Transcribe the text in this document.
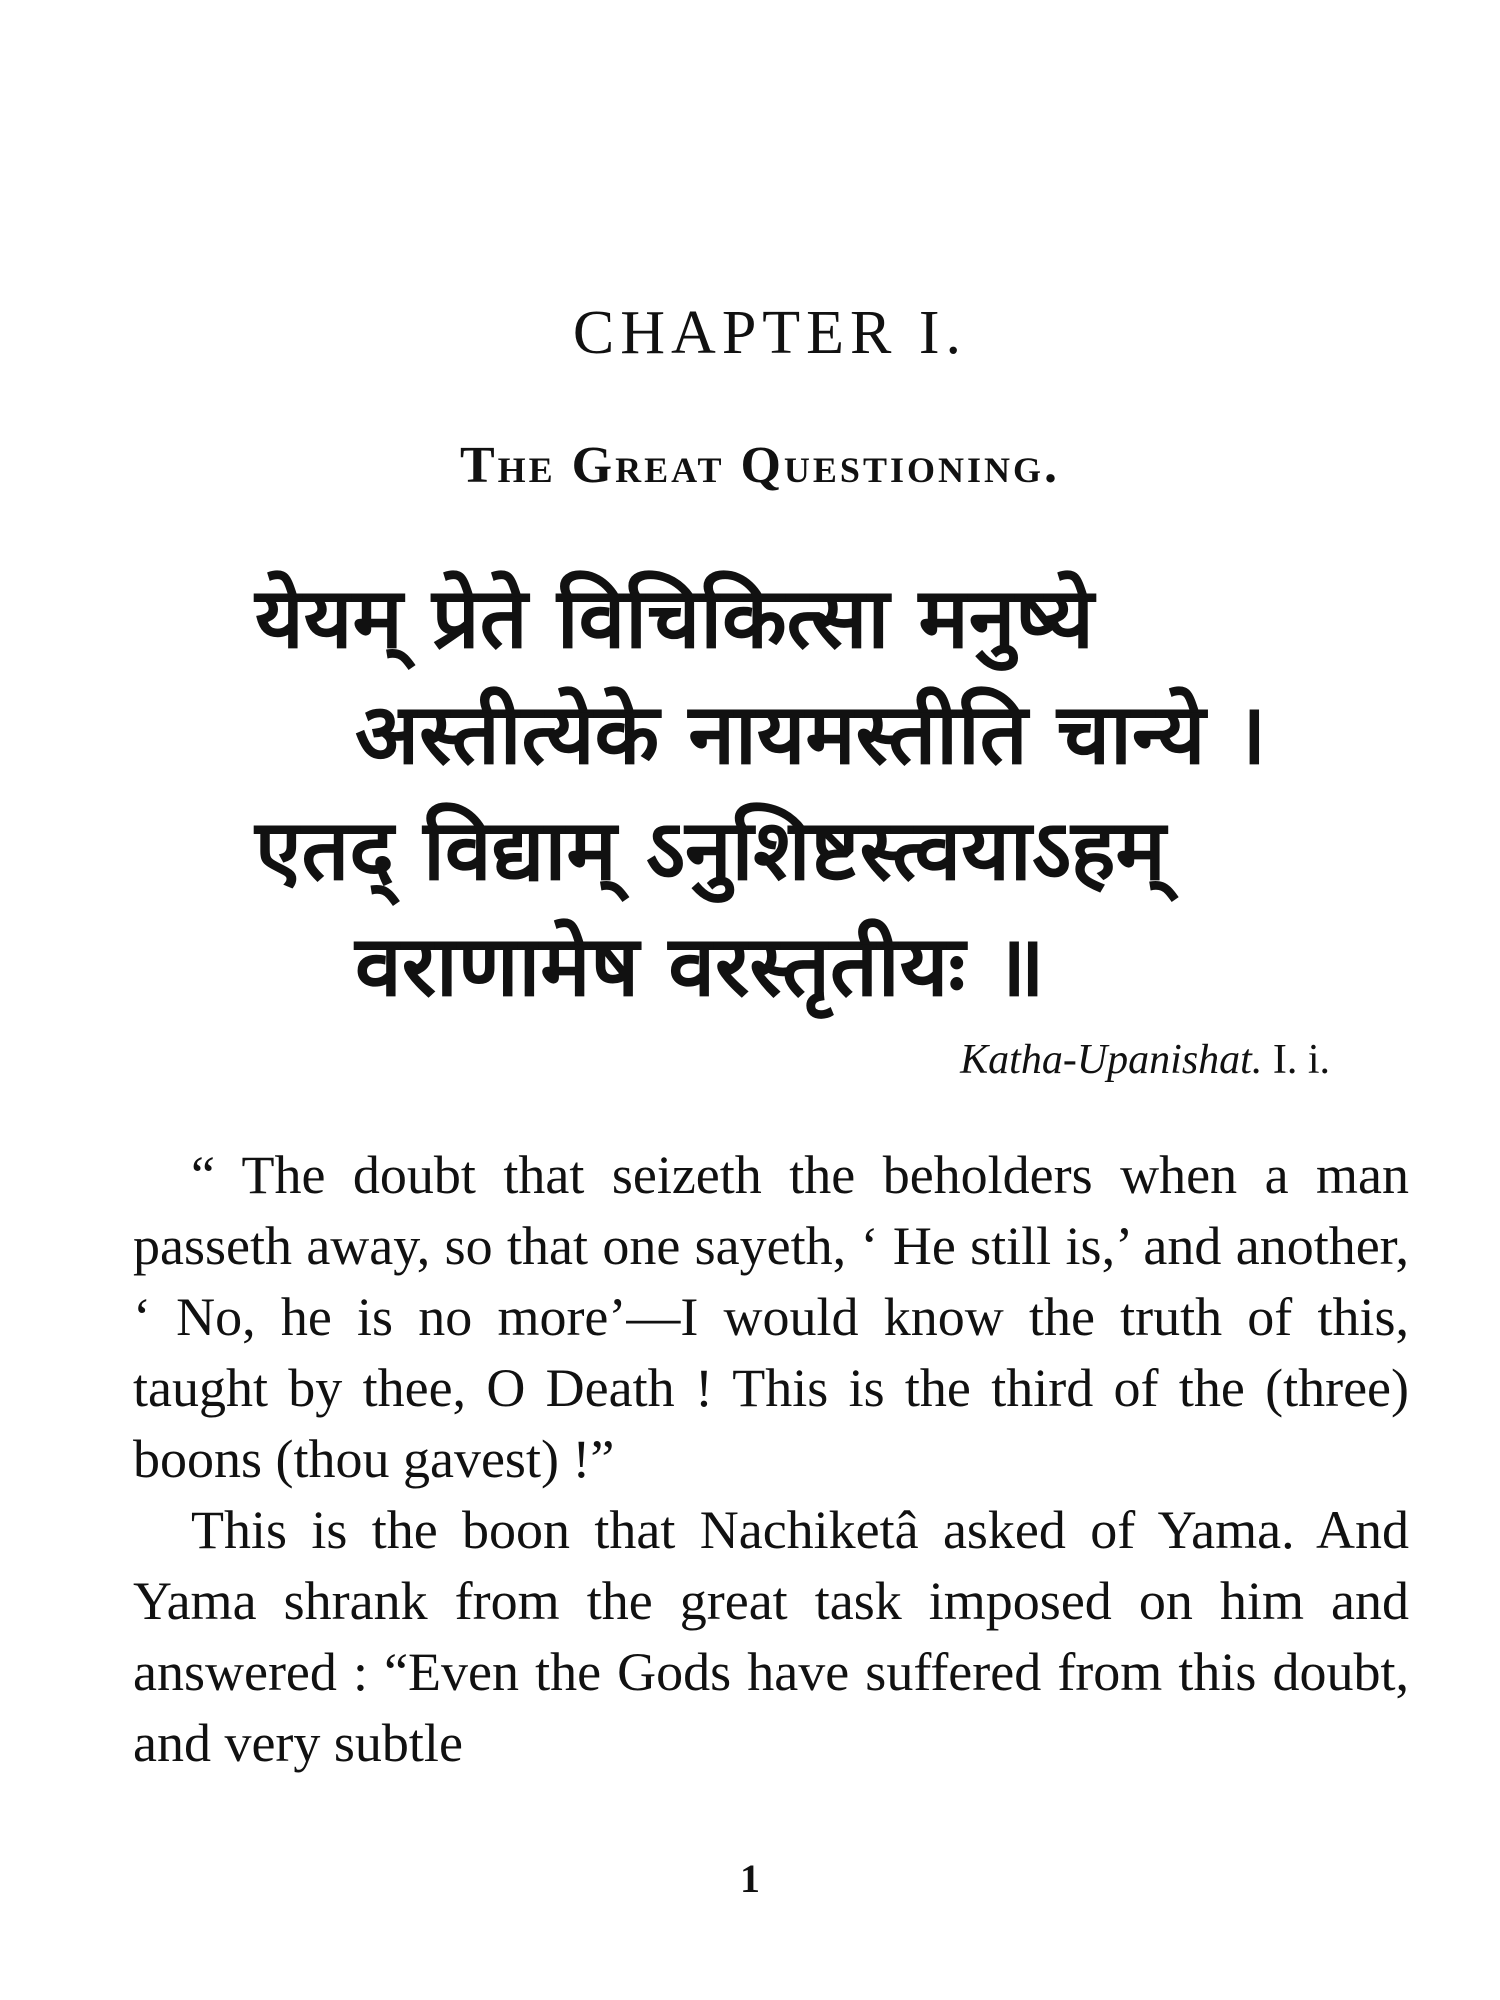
CHAPTER I.
The Great Questioning.
येयम् प्रेते विचिकित्सा मनुष्ये
अस्तीत्येके नायमस्तीति चान्ये ।
एतद् विद्याम् ऽनुशिष्टस्त्वयाऽहम्
वराणामेष वरस्तृतीयः ॥
Katha-Upanishat. I. i.

“ The doubt that seizeth the beholders when a man passeth away, so that one sayeth, ‘ He still is,’ and another, ‘ No, he is no more’—I would know the truth of this, taught by thee, O Death ! This is the third of the (three) boons (thou gavest) !”

This is the boon that Nachiketâ asked of Yama. And Yama shrank from the great task imposed on him and answered : “Even the Gods have suffered from this doubt, and very subtle

1
